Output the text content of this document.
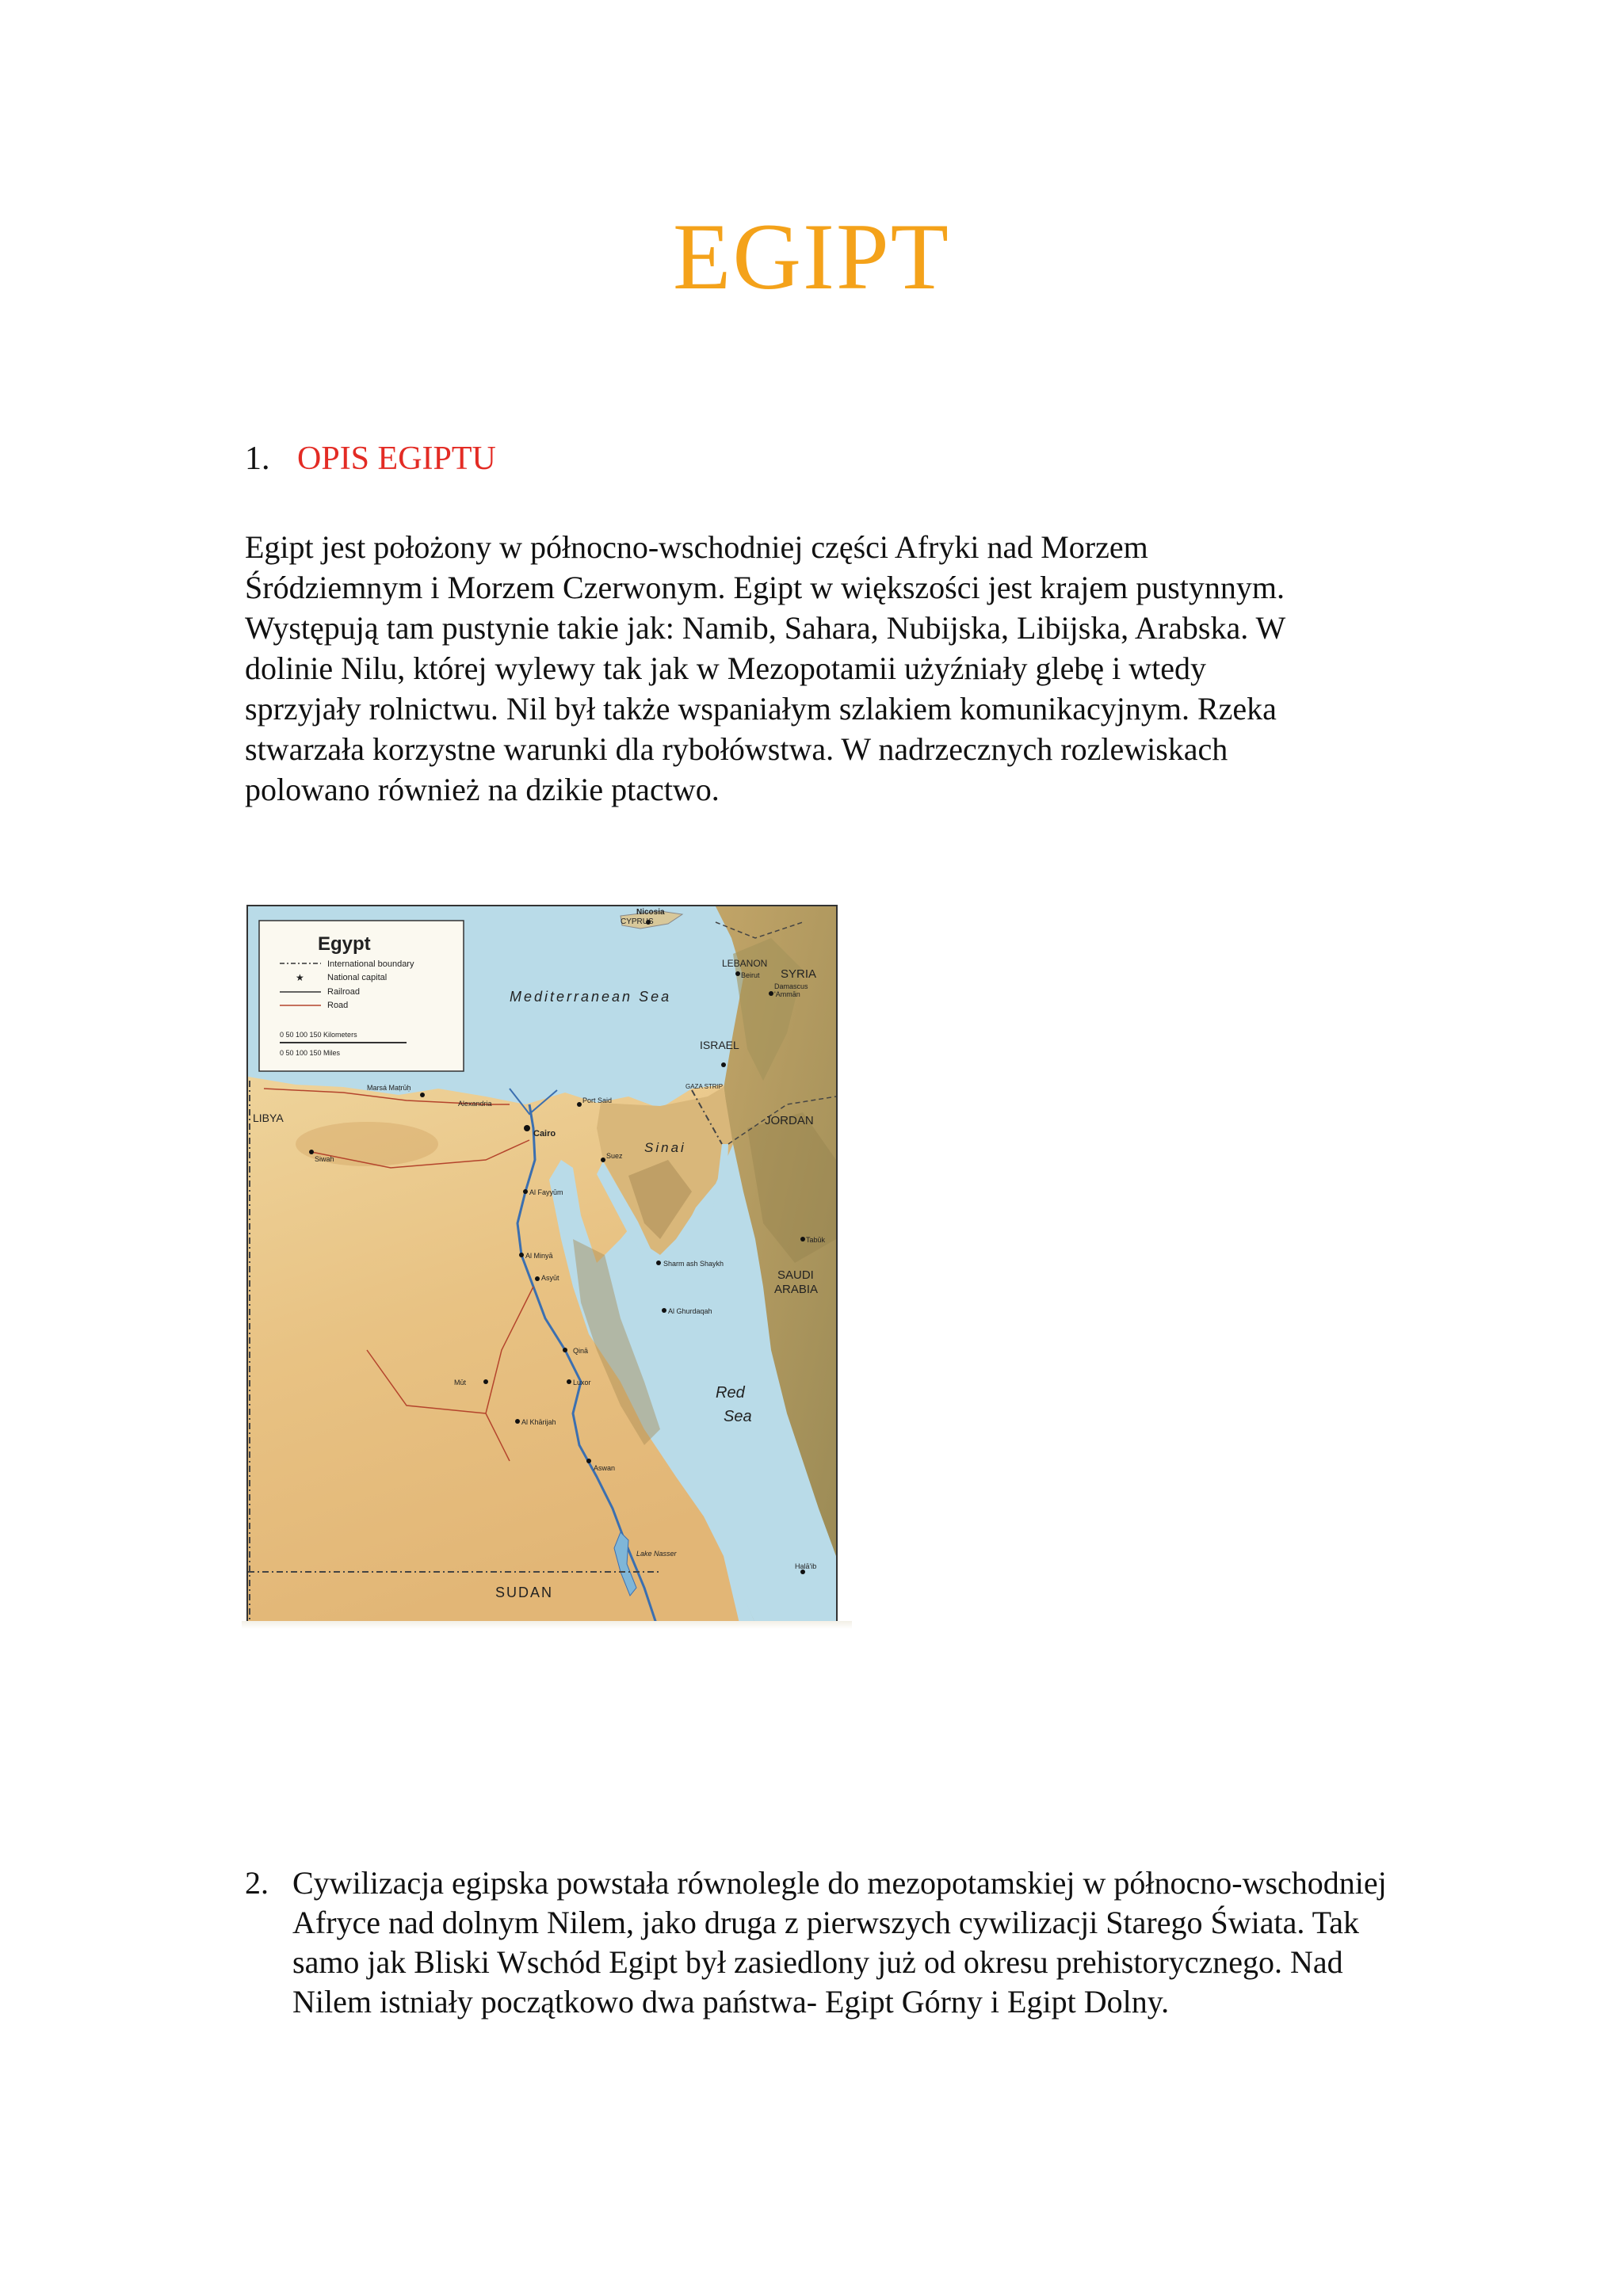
EGIPT
1. OPIS EGIPTU

Egipt jest położony w północno-wschodniej części Afryki nad Morzem
Śródziemnym i Morzem Czerwonym. Egipt w większości jest krajem pustynnym.
Występują tam pustynie takie jak: Namib, Sahara, Nubijska, Libijska, Arabska. W
dolinie Nilu, której wylewy tak jak w Mezopotamii użyźniały glebę i wtedy
sprzyjały rolnictwu. Nil był także wspaniałym szlakiem komunikacyjnym. Rzeka
stwarzała korzystne warunki dla rybołówstwa. W nadrzecznych rozlewiskach
polowano również na dzikie ptactwo.

Egypt
International boundary
★	National capital
Railroad
Road
0 50 100 150 Kilometers
0 50 100 150 Miles
Mediterranean Sea
Red
Sea
LIBYA
SUDAN
SAUDI
ARABIA
JORDAN
ISRAEL
LEBANON
SYRIA
CYPRUS
Nicosia
Sinai
Cairo
Alexandria	Port Said
Suez
Siwah
Aswan
Luxor
Lake Nasser
Asyūt
Al Khārijah
Marsá Maṭrūḥ
Al Ghurdaqah
Sharm ash Shaykh
Tabūk
'Ammān
Beirut
Damascus
Halā'ib
Al Minyā
Al Fayyūm
Qinā
Mūt
GAZA STRIP
2. Cywilizacja egipska powstała równolegle do mezopotamskiej w północno-wschodniej
Afryce nad dolnym Nilem, jako druga z pierwszych cywilizacji Starego Świata. Tak
samo jak Bliski Wschód Egipt był zasiedlony już od okresu prehistorycznego. Nad
Nilem istniały początkowo dwa państwa- Egipt Górny i Egipt Dolny.
